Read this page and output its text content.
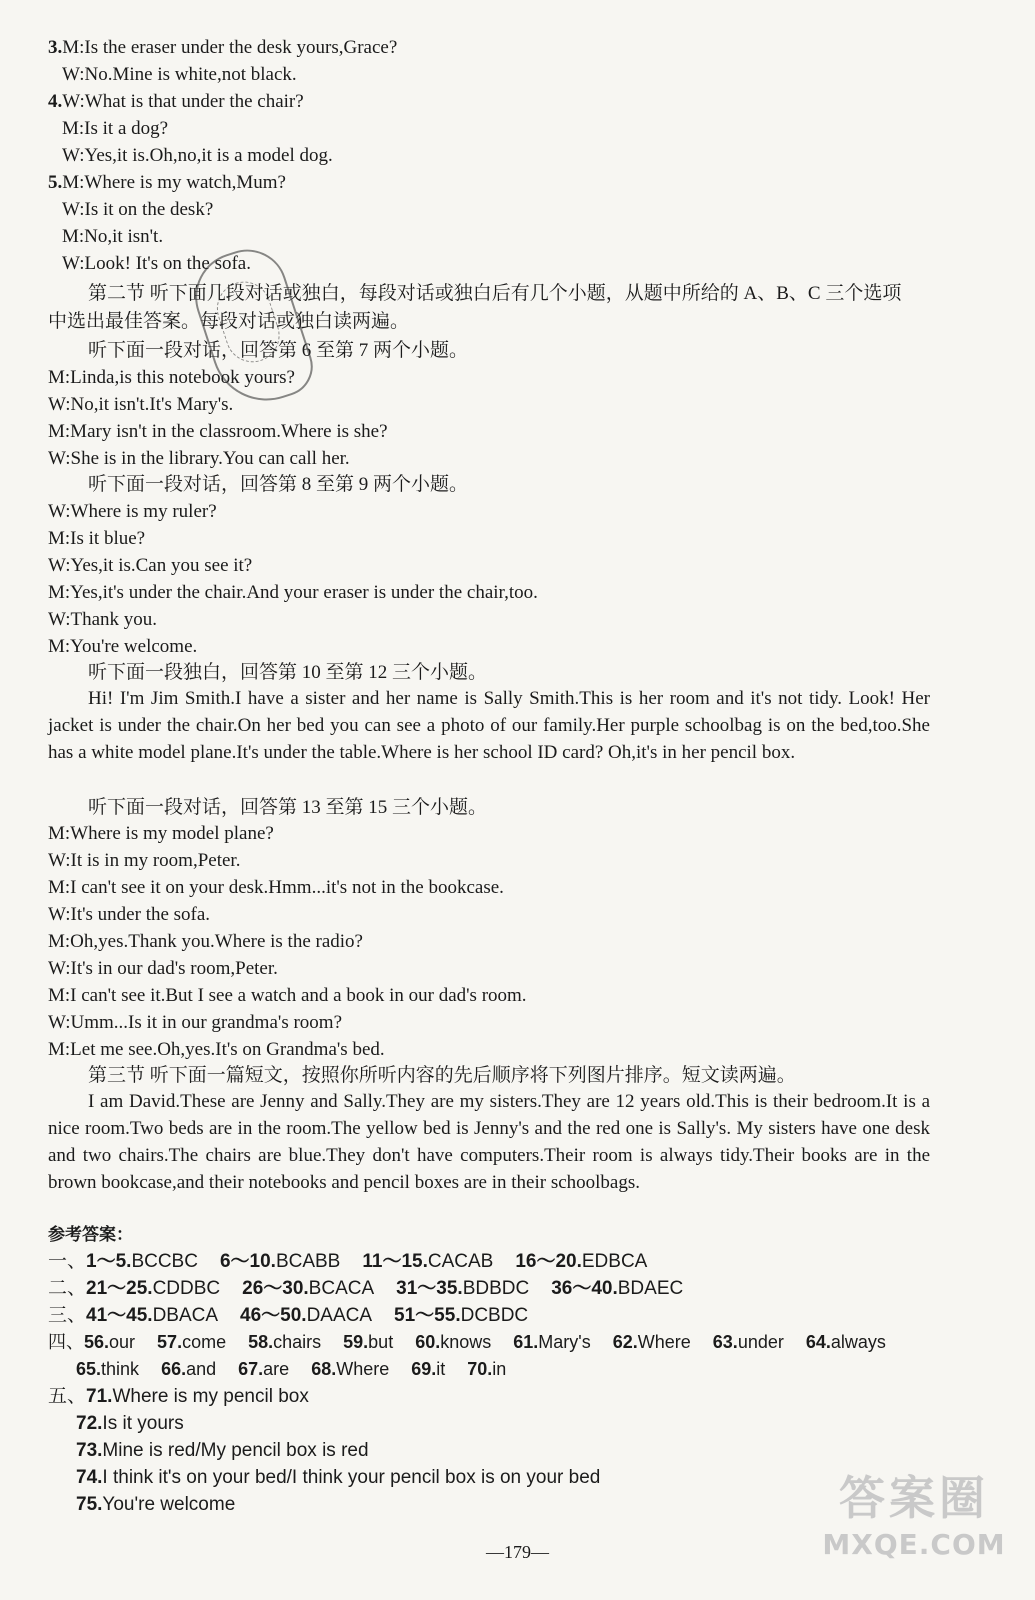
3.M:Is the eraser under the desk yours,Grace?
W:No.Mine is white,not black.
4.W:What is that under the chair?
M:Is it a dog?
W:Yes,it is.Oh,no,it is a model dog.
5.M:Where is my watch,Mum?
W:Is it on the desk?
M:No,it isn't.
W:Look! It's on the sofa.
第二节 听下面几段对话或独白，每段对话或独白后有几个小题，从题中所给的 A、B、C 三个选项
中选出最佳答案。每段对话或独白读两遍。
听下面一段对话，回答第 6 至第 7 两个小题。
M:Linda,is this notebook yours?
W:No,it isn't.It's Mary's.
M:Mary isn't in the classroom.Where is she?
W:She is in the library.You can call her.
听下面一段对话，回答第 8 至第 9 两个小题。
W:Where is my ruler?
M:Is it blue?
W:Yes,it is.Can you see it?
M:Yes,it's under the chair.And your eraser is under the chair,too.
W:Thank you.
M:You're welcome.
听下面一段独白，回答第 10 至第 12 三个小题。
Hi! I'm Jim Smith.I have a sister and her name is Sally Smith.This is her room and it's not tidy. Look! Her jacket is under the chair.On her bed you can see a photo of our family.Her purple schoolbag is on the bed,too.She has a white model plane.It's under the table.Where is her school ID card? Oh,it's in her pencil box.
听下面一段对话，回答第 13 至第 15 三个小题。
M:Where is my model plane?
W:It is in my room,Peter.
M:I can't see it on your desk.Hmm...it's not in the bookcase.
W:It's under the sofa.
M:Oh,yes.Thank you.Where is the radio?
W:It's in our dad's room,Peter.
M:I can't see it.But I see a watch and a book in our dad's room.
W:Umm...Is it in our grandma's room?
M:Let me see.Oh,yes.It's on Grandma's bed.
第三节 听下面一篇短文，按照你所听内容的先后顺序将下列图片排序。短文读两遍。
I am David.These are Jenny and Sally.They are my sisters.They are 12 years old.This is their bedroom.It is a nice room.Two beds are in the room.The yellow bed is Jenny's and the red one is Sally's. My sisters have one desk and two chairs.The chairs are blue.They don't have computers.Their room is always tidy.Their books are in the brown bookcase,and their notebooks and pencil boxes are in their schoolbags.
参考答案：
一、1～5.BCCBC 6～10.BCABB 11～15.CACAB 16～20.EDBCA
二、21～25.CDDBC 26～30.BCACA 31～35.BDBDC 36～40.BDAEC
三、41～45.DBACA 46～50.DAACA 51～55.DCBDC
四、56.our 57.come 58.chairs 59.but 60.knows 61.Mary's 62.Where 63.under 64.always
65.think 66.and 67.are 68.Where 69.it 70.in
五、71.Where is my pencil box
72.Is it yours
73.Mine is red/My pencil box is red
74.I think it's on your bed/I think your pencil box is on your bed
75.You're welcome
—179—
答案圈
MXQE.COM
